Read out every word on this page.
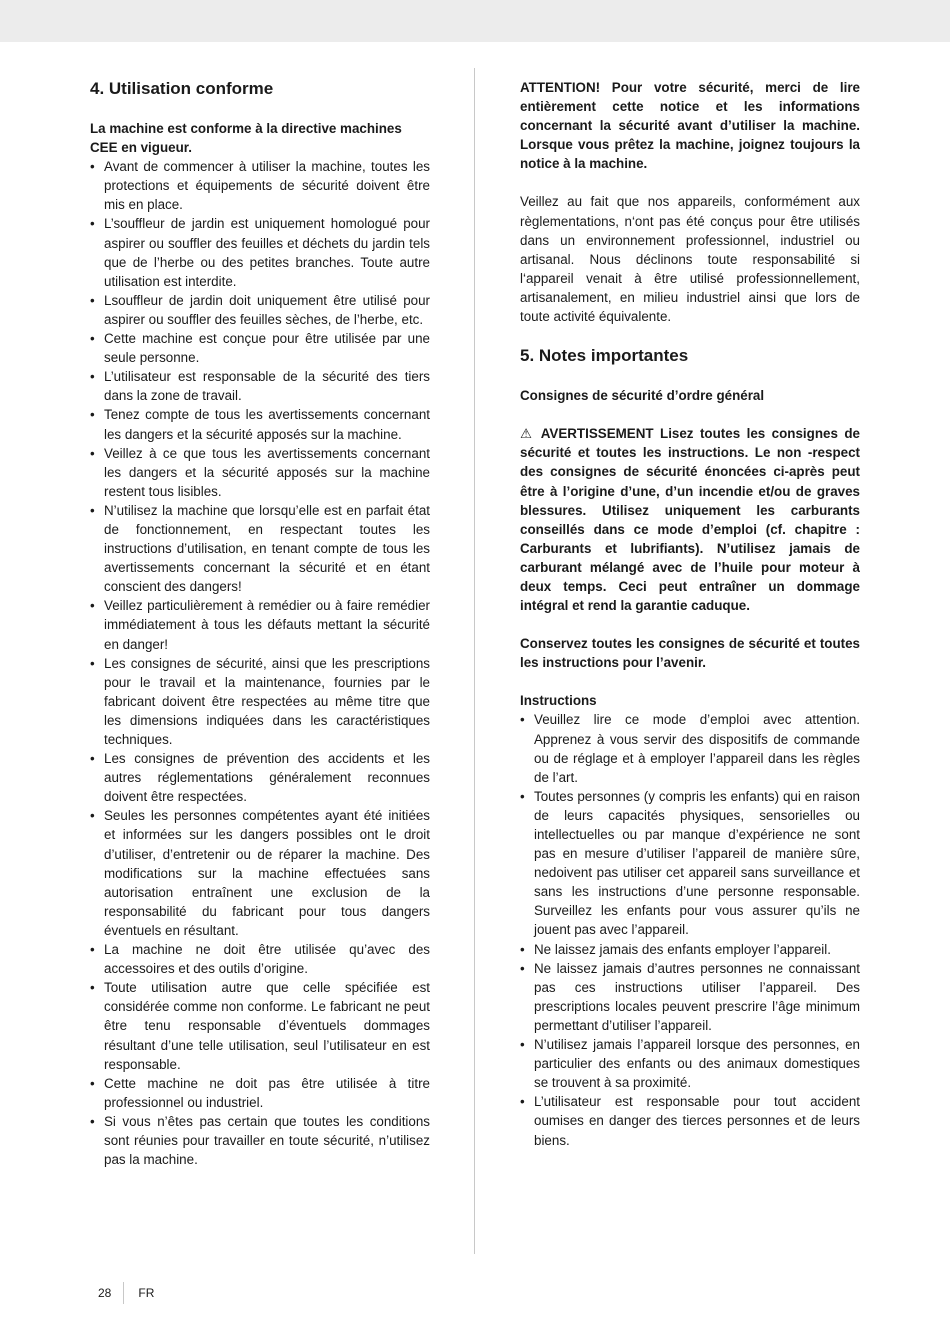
4. Utilisation conforme

La machine est conforme à la directive machines CEE en vigueur.

• Avant de commencer à utiliser la machine, toutes les protections et équipements de sécurité doivent être mis en place.
• L’souffleur de jardin est uniquement homologué pour aspirer ou souffler des feuilles et déchets du jardin tels que de l’herbe ou des petites branches. Toute autre utilisation est interdite.
• Lsouffleur de jardin doit uniquement être utilisé pour aspirer ou souffler des feuilles sèches, de l’herbe, etc.
• Cette machine est conçue pour être utilisée par une seule personne.
• L’utilisateur est responsable de la sécurité des tiers dans la zone de travail.
• Tenez compte de tous les avertissements concernant les dangers et la sécurité apposés sur la machine.
• Veillez à ce que tous les avertissements concernant les dangers et la sécurité apposés sur la machine restent tous lisibles.
• N’utilisez la machine que lorsqu’elle est en parfait état de fonctionnement, en respectant toutes les instructions d’utilisation, en tenant compte de tous les avertissements concernant la sécurité et en étant conscient des dangers!
• Veillez particulièrement à remédier ou à faire remédier immédiatement à tous les défauts mettant la sécurité en danger!
• Les consignes de sécurité, ainsi que les prescriptions pour le travail et la maintenance, fournies par le fabricant doivent être respectées au même titre que les dimensions indiquées dans les caractéristiques techniques.
• Les consignes de prévention des accidents et les autres réglementations généralement reconnues doivent être respectées.
• Seules les personnes compétentes ayant été initiées et informées sur les dangers possibles ont le droit d’utiliser, d’entretenir ou de réparer la machine. Des modifications sur la machine effectuées sans autorisation entraînent une exclusion de la responsabilité du fabricant pour tous dangers éventuels en résultant.
• La machine ne doit être utilisée qu’avec des accessoires et des outils d’origine.
• Toute utilisation autre que celle spécifiée est considérée comme non conforme. Le fabricant ne peut être tenu responsable d’éventuels dommages résultant d’une telle utilisation, seul l’utilisateur en est responsable.
• Cette machine ne doit pas être utilisée à titre professionnel ou industriel.
• Si vous n’êtes pas certain que toutes les conditions sont réunies pour travailler en toute sécurité, n’utilisez pas la machine.

ATTENTION! Pour votre sécurité, merci de lire entièrement cette notice et les informations concernant la sécurité avant d’utiliser la machine. Lorsque vous prêtez la machine, joignez toujours la notice à la machine.

Veillez au fait que nos appareils, conformément aux règlementations, n‘ont pas été conçus pour être utilisés dans un environnement professionnel, industriel ou artisanal. Nous déclinons toute responsabilité si l‘appareil venait à être utilisé professionnellement, artisanalement, en milieu industriel ainsi que lors de toute activité équivalente.

5. Notes importantes

Consignes de sécurité d’ordre général

⚠ AVERTISSEMENT Lisez toutes les consignes de sécurité et toutes les instructions. Le non -respect des consignes de sécurité énoncées ci-après peut être à l’origine d’une, d’un incendie et/ou de graves blessures. Utilisez uniquement les carburants conseillés dans ce mode d’emploi (cf. chapitre : Carburants et lubrifiants). N’utilisez jamais de carburant mélangé avec de l’huile pour moteur à deux temps. Ceci peut entraîner un dommage intégral et rend la garantie caduque.

Conservez toutes les consignes de sécurité et toutes les instructions pour l’avenir.

Instructions

• Veuillez lire ce mode d’emploi avec attention. Apprenez à vous servir des dispositifs de commande ou de réglage et à employer l’appareil dans les règles de l’art.
• Toutes personnes (y compris les enfants) qui en raison de leurs capacités physiques, sensorielles ou intellectuelles ou par manque d’expérience ne sont pas en mesure d’utiliser l’appareil de manière sûre, nedoivent pas utiliser cet appareil sans surveillance et sans les instructions d’une personne responsable. Surveillez les enfants pour vous assurer qu’ils ne jouent pas avec l’appareil.
• Ne laissez jamais des enfants employer l’appareil.
• Ne laissez jamais d’autres personnes ne connaissant pas ces instructions utiliser l’appareil. Des prescriptions locales peuvent prescrire l’âge minimum permettant d’utiliser l’appareil.
• N’utilisez jamais l’appareil lorsque des personnes, en particulier des enfants ou des animaux domestiques se trouvent à sa proximité.
• L’utilisateur est responsable pour tout accident oumises en danger des tierces personnes et de leurs biens.
28 FR
